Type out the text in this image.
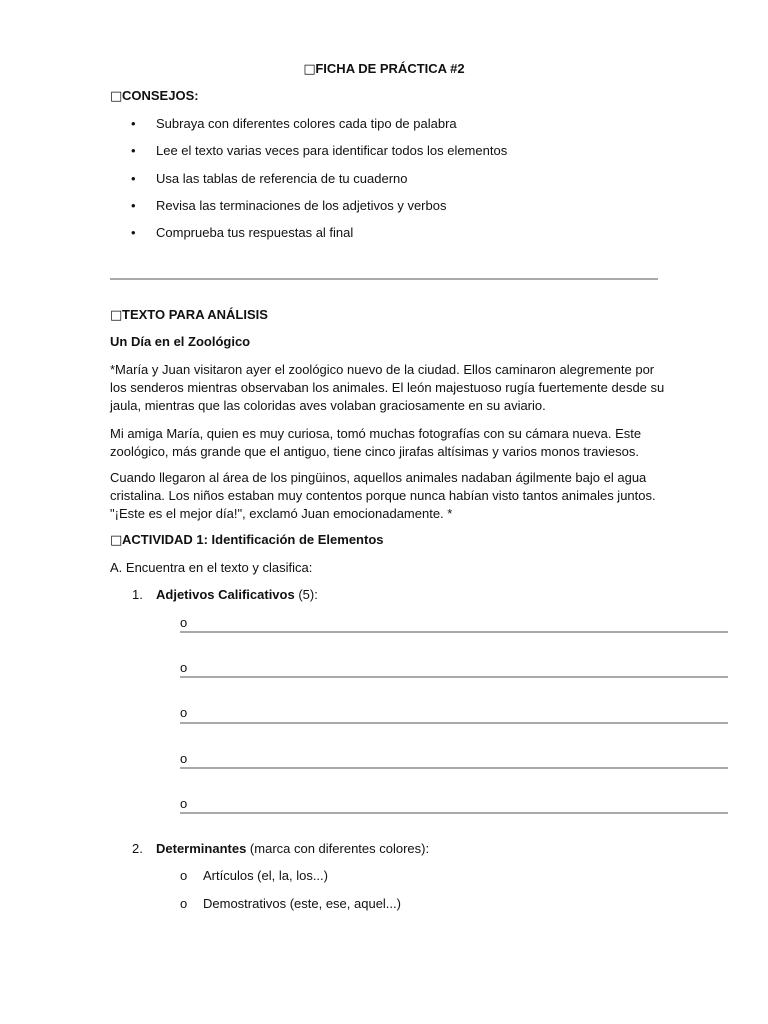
□FICHA DE PRÁCTICA #2
□CONSEJOS:
• Subraya con diferentes colores cada tipo de palabra
• Lee el texto varias veces para identificar todos los elementos
• Usa las tablas de referencia de tu cuaderno
• Revisa las terminaciones de los adjetivos y verbos
• Comprueba tus respuestas al final
□TEXTO PARA ANÁLISIS
Un Día en el Zoológico
*María y Juan visitaron ayer el zoológico nuevo de la ciudad. Ellos caminaron alegremente por
los senderos mientras observaban los animales. El león majestuoso rugía fuertemente desde su
jaula, mientras que las coloridas aves volaban graciosamente en su aviario.
Mi amiga María, quien es muy curiosa, tomó muchas fotografías con su cámara nueva. Este
zoológico, más grande que el antiguo, tiene cinco jirafas altísimas y varios monos traviesos.
Cuando llegaron al área de los pingüinos, aquellos animales nadaban ágilmente bajo el agua
cristalina. Los niños estaban muy contentos porque nunca habían visto tantos animales juntos.
"¡Este es el mejor día!", exclamó Juan emocionadamente. *
□ACTIVIDAD 1: Identificación de Elementos
A. Encuentra en el texto y clasifica:
1. Adjetivos Calificativos (5):
o
o
o
o
o
2. Determinantes (marca con diferentes colores):
o Artículos (el, la, los...)
o Demostrativos (este, ese, aquel...)
